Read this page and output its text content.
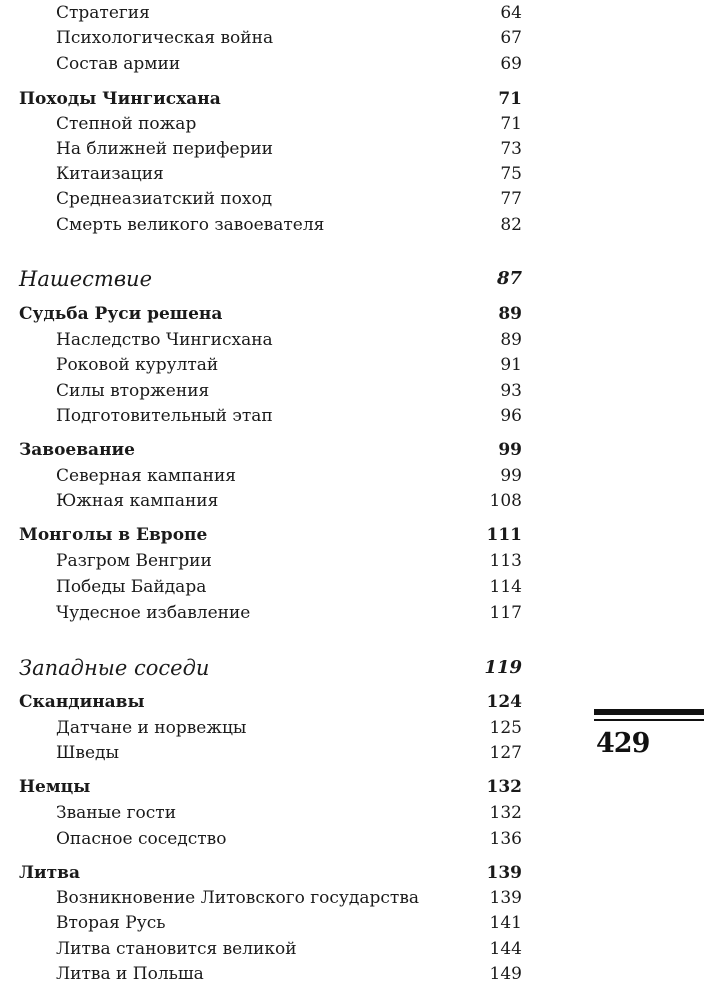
Стратегия	64
Психологическая война	67
Состав армии	69
Походы Чингисхана	71
Степной пожар	71
На ближней периферии	73
Китаизация	75
Среднеазиатский поход	77
Смерть великого завоевателя	82
Нашествие	87
Судьба Руси решена	89
Наследство Чингисхана	89
Роковой курултай	91
Силы вторжения	93
Подготовительный этап	96
Завоевание	99
Северная кампания	99
Южная кампания	108
Монголы в Европе	111
Разгром Венгрии	113
Победы Байдара	114
Чудесное избавление	117
Западные соседи	119
Скандинавы	124
Датчане и норвежцы	125
Шведы	127
Немцы	132
Званые гости	132
Опасное соседство	136
Литва	139
Возникновение Литовского государства	139
Вторая Русь	141
Литва становится великой	144
Литва и Польша	149
429
